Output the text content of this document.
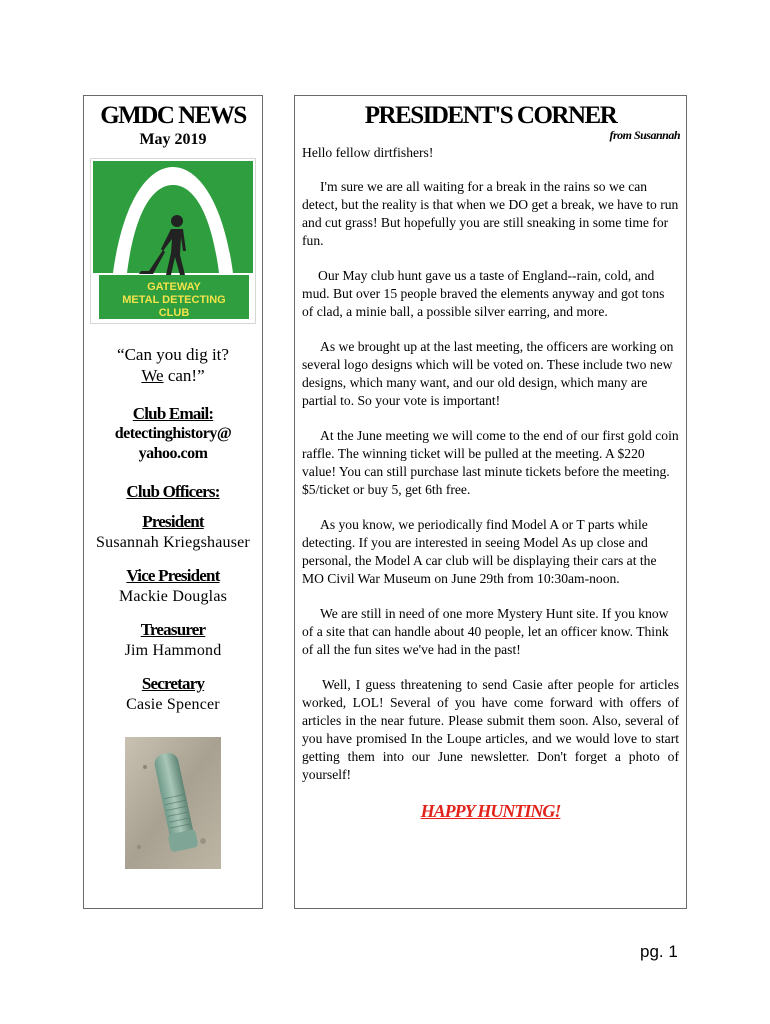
GMDC NEWS
May 2019
GATEWAY
METAL DETECTING
CLUB
“Can you dig it?
We can!”
Club Email:
detectinghistory@
yahoo.com
Club Officers:
President
Susannah Kriegshauser
Vice President
Mackie Douglas
Treasurer
Jim Hammond
Secretary
Casie Spencer
PRESIDENT'S CORNER
from Susannah

Hello fellow dirtfishers!

I'm sure we are all waiting for a break in the rains so we can detect, but the reality is that when we DO get a break, we have to run and cut grass! But hopefully you are still sneaking in some time for fun.

Our May club hunt gave us a taste of England--rain, cold, and mud. But over 15 people braved the elements anyway and got tons of clad, a minie ball, a possible silver earring, and more.

As we brought up at the last meeting, the officers are working on several logo designs which will be voted on. These include two new designs, which many want, and our old design, which many are partial to. So your vote is important!

At the June meeting we will come to the end of our first gold coin raffle. The winning ticket will be pulled at the meeting. A $220 value! You can still purchase last minute tickets before the meeting. $5/ticket or buy 5, get 6th free.

As you know, we periodically find Model A or T parts while detecting. If you are interested in seeing Model As up close and personal, the Model A car club will be displaying their cars at the MO Civil War Museum on June 29th from 10:30am-noon.

We are still in need of one more Mystery Hunt site. If you know of a site that can handle about 40 people, let an officer know. Think of all the fun sites we've had in the past!

Well, I guess threatening to send Casie after people for articles worked, LOL! Several of you have come forward with offers of articles in the near future. Please submit them soon. Also, several of you have promised In the Loupe articles, and we would love to start getting them into our June newsletter. Don't forget a photo of yourself!

HAPPY HUNTING!
pg. 1
